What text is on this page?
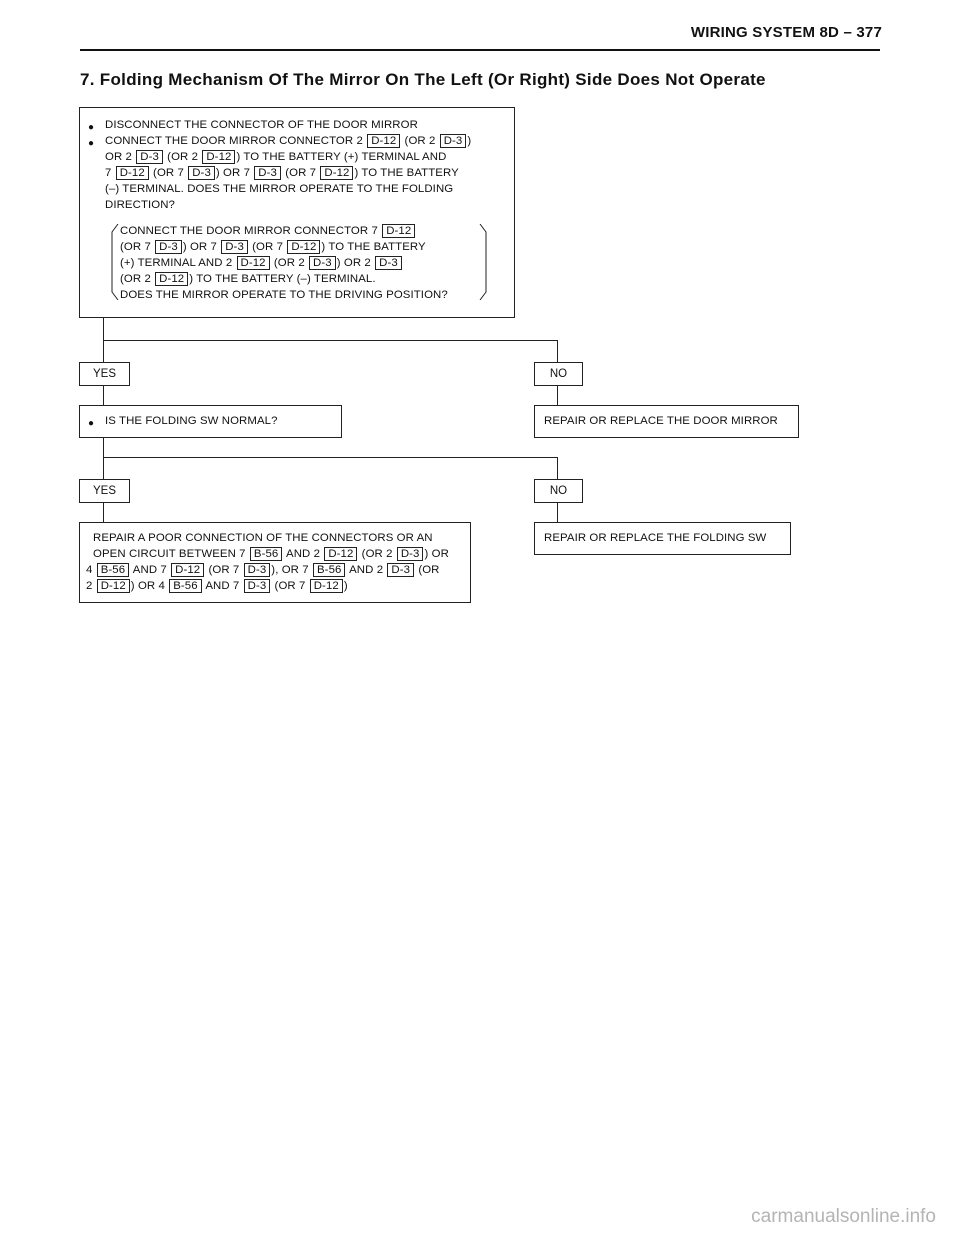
WIRING SYSTEM 8D – 377
7. Folding Mechanism Of The Mirror On The Left (Or Right) Side Does Not Operate
● DISCONNECT THE CONNECTOR OF THE DOOR MIRROR
● CONNECT THE DOOR MIRROR CONNECTOR 2 D-12 (OR 2 D-3 )
OR 2 D-3 (OR 2 D-12 ) TO THE BATTERY (+) TERMINAL AND
7 D-12 (OR 7 D-3 ) OR 7 D-3 (OR 7 D-12 ) TO THE BATTERY
(–) TERMINAL. DOES THE MIRROR OPERATE TO THE FOLDING
DIRECTION?
CONNECT THE DOOR MIRROR CONNECTOR 7 D-12
(OR 7 D-3 ) OR 7 D-3 (OR 7 D-12 ) TO THE BATTERY
(+) TERMINAL AND 2 D-12 (OR 2 D-3 ) OR 2 D-3
(OR 2 D-12 ) TO THE BATTERY (–) TERMINAL.
DOES THE MIRROR OPERATE TO THE DRIVING POSITION?
YES	NO
● IS THE FOLDING SW NORMAL?	REPAIR OR REPLACE THE DOOR MIRROR
YES	NO
REPAIR A POOR CONNECTION OF THE CONNECTORS OR AN
OPEN CIRCUIT BETWEEN 7 B-56 AND 2 D-12 (OR 2 D-3 ) OR
4 B-56 AND 7 D-12 (OR 7 D-3 ), OR 7 B-56 AND 2 D-3 (OR
2 D-12 ) OR 4 B-56 AND 7 D-3 (OR 7 D-12 )
REPAIR OR REPLACE THE FOLDING SW
carmanualsonline.info
